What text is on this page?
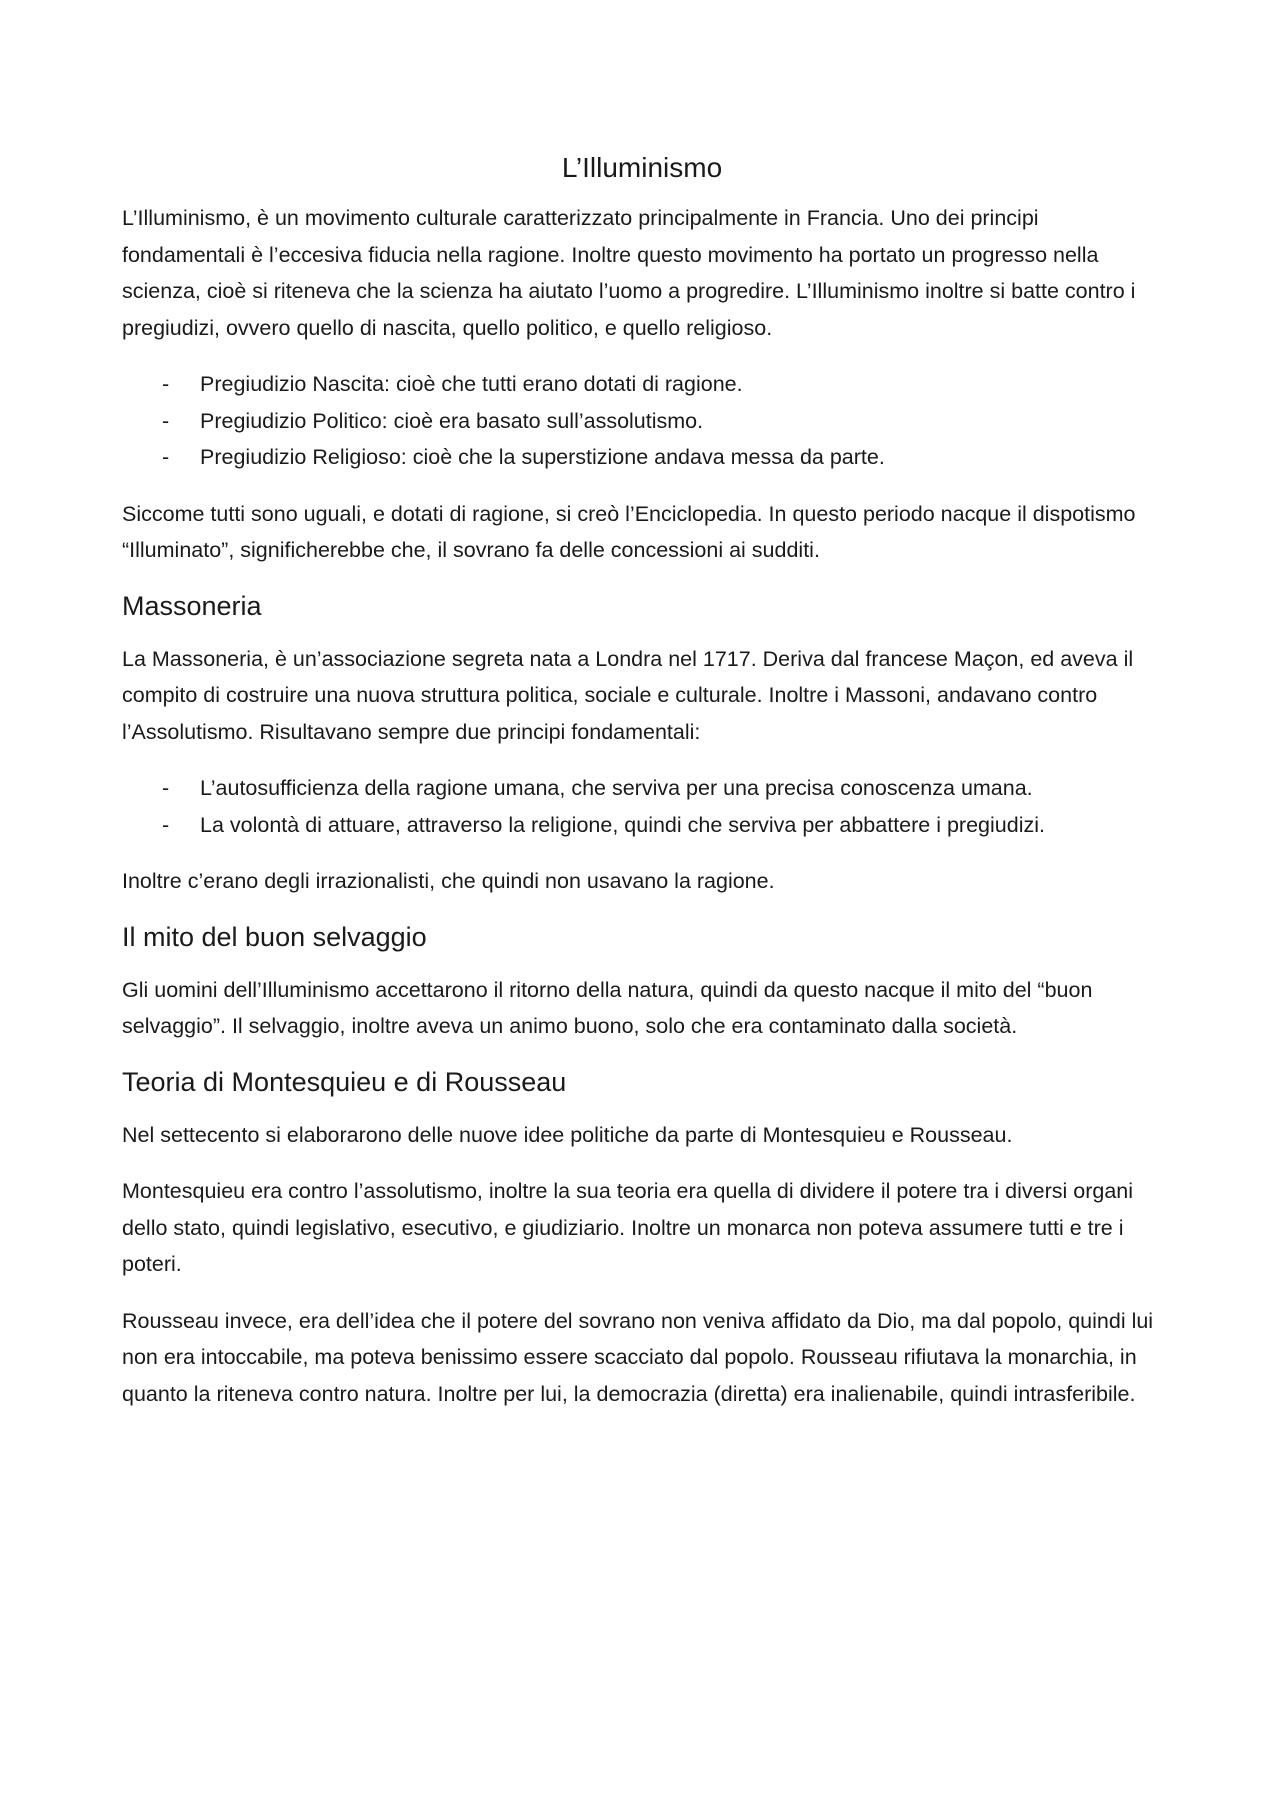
L’Illuminismo

L’Illuminismo, è un movimento culturale caratterizzato principalmente in Francia. Uno dei principi fondamentali è l’eccesiva fiducia nella ragione. Inoltre questo movimento ha portato un progresso nella scienza, cioè si riteneva che la scienza ha aiutato l’uomo a progredire. L’Illuminismo inoltre si batte contro i pregiudizi, ovvero quello di nascita, quello politico, e quello religioso.

- Pregiudizio Nascita: cioè che tutti erano dotati di ragione.
- Pregiudizio Politico: cioè era basato sull’assolutismo.
- Pregiudizio Religioso: cioè che la superstizione andava messa da parte.

Siccome tutti sono uguali, e dotati di ragione, si creò l’Enciclopedia. In questo periodo nacque il dispotismo “Illuminato”, significherebbe che, il sovrano fa delle concessioni ai sudditi.

Massoneria

La Massoneria, è un’associazione segreta nata a Londra nel 1717. Deriva dal francese Maçon, ed aveva il compito di costruire una nuova struttura politica, sociale e culturale. Inoltre i Massoni, andavano contro l’Assolutismo. Risultavano sempre due principi fondamentali:

- L’autosufficienza della ragione umana, che serviva per una precisa conoscenza umana.
- La volontà di attuare, attraverso la religione, quindi che serviva per abbattere i pregiudizi.

Inoltre c’erano degli irrazionalisti, che quindi non usavano la ragione.

Il mito del buon selvaggio

Gli uomini dell’Illuminismo accettarono il ritorno della natura, quindi da questo nacque il mito del “buon selvaggio”. Il selvaggio, inoltre aveva un animo buono, solo che era contaminato dalla società.

Teoria di Montesquieu e di Rousseau

Nel settecento si elaborarono delle nuove idee politiche da parte di Montesquieu e Rousseau.

Montesquieu era contro l’assolutismo, inoltre la sua teoria era quella di dividere il potere tra i diversi organi dello stato, quindi legislativo, esecutivo, e giudiziario. Inoltre un monarca non poteva assumere tutti e tre i poteri.

Rousseau invece, era dell’idea che il potere del sovrano non veniva affidato da Dio, ma dal popolo, quindi lui non era intoccabile, ma poteva benissimo essere scacciato dal popolo. Rousseau rifiutava la monarchia, in quanto la riteneva contro natura. Inoltre per lui, la democrazia (diretta) era inalienabile, quindi intrasferibile.
